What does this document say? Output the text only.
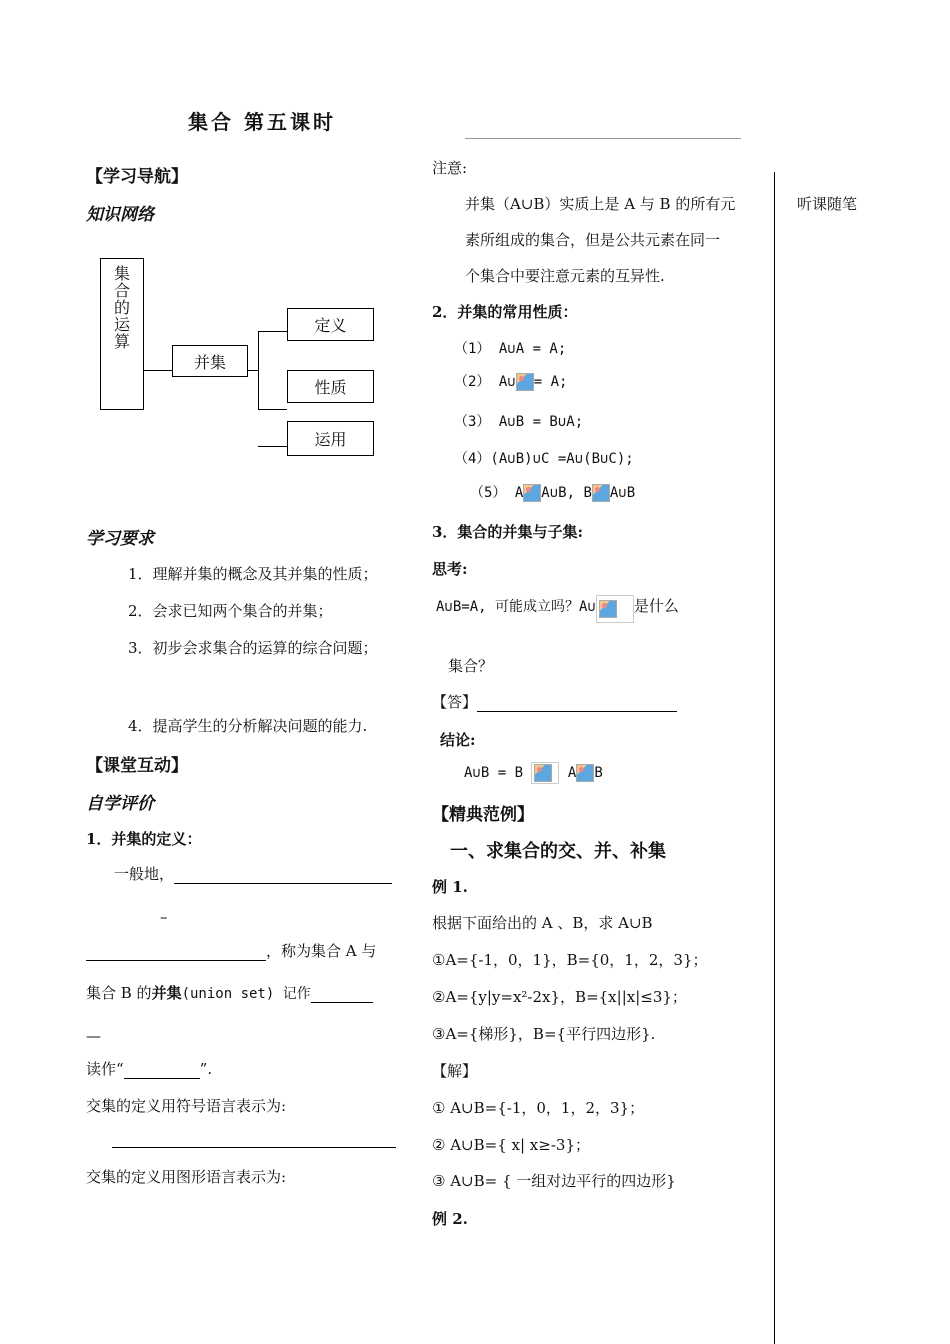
集合 第五课时
【学习导航】
知识网络
集
合
的
运
算
并集
定义
性质
运用
学习要求
1．理解并集的概念及其并集的性质；
2．会求已知两个集合的并集；
3．初步会求集合的运算的综合问题；
4．提高学生的分析解决问题的能力.
【课堂互动】
自学评价
1．并集的定义：
一般地，
–
，称为集合 A 与
集合 B 的并集(union set) 记作
—
读作“	”.
交集的定义用符号语言表示为:
交集的定义用图形语言表示为:
注意:
并集（A∪B）实质上是 A 与 B 的所有元
素所组成的集合，但是公共元素在同一
个集合中要注意元素的互异性.
2．并集的常用性质：
（1） A∪A = A;
（2） A∪ = A;
（3） A∪B = B∪A;
（4）(A∪B)∪C =A∪(B∪C);
（5） A A∪B, B A∪B
3．集合的并集与子集:
思考:
A∪B=A, 可能成立吗？A∪	是什么
集合？
【答】
结论:
A∪B = B	A B
【精典范例】
一、求集合的交、并、补集
例 1.
根据下面给出的 A 、B，求 A∪B
①A={-1，0，1}，B={0，1，2，3}；
②A={y|y=x²-2x}，B={x||x|≤3}；
③A={梯形}，B={平行四边形}.
【解】
① A∪B={-1，0，1，2，3}；
② A∪B={ x| x≥-3}；
③ A∪B= { 一组对边平行的四边形}
例 2.
听课随笔
